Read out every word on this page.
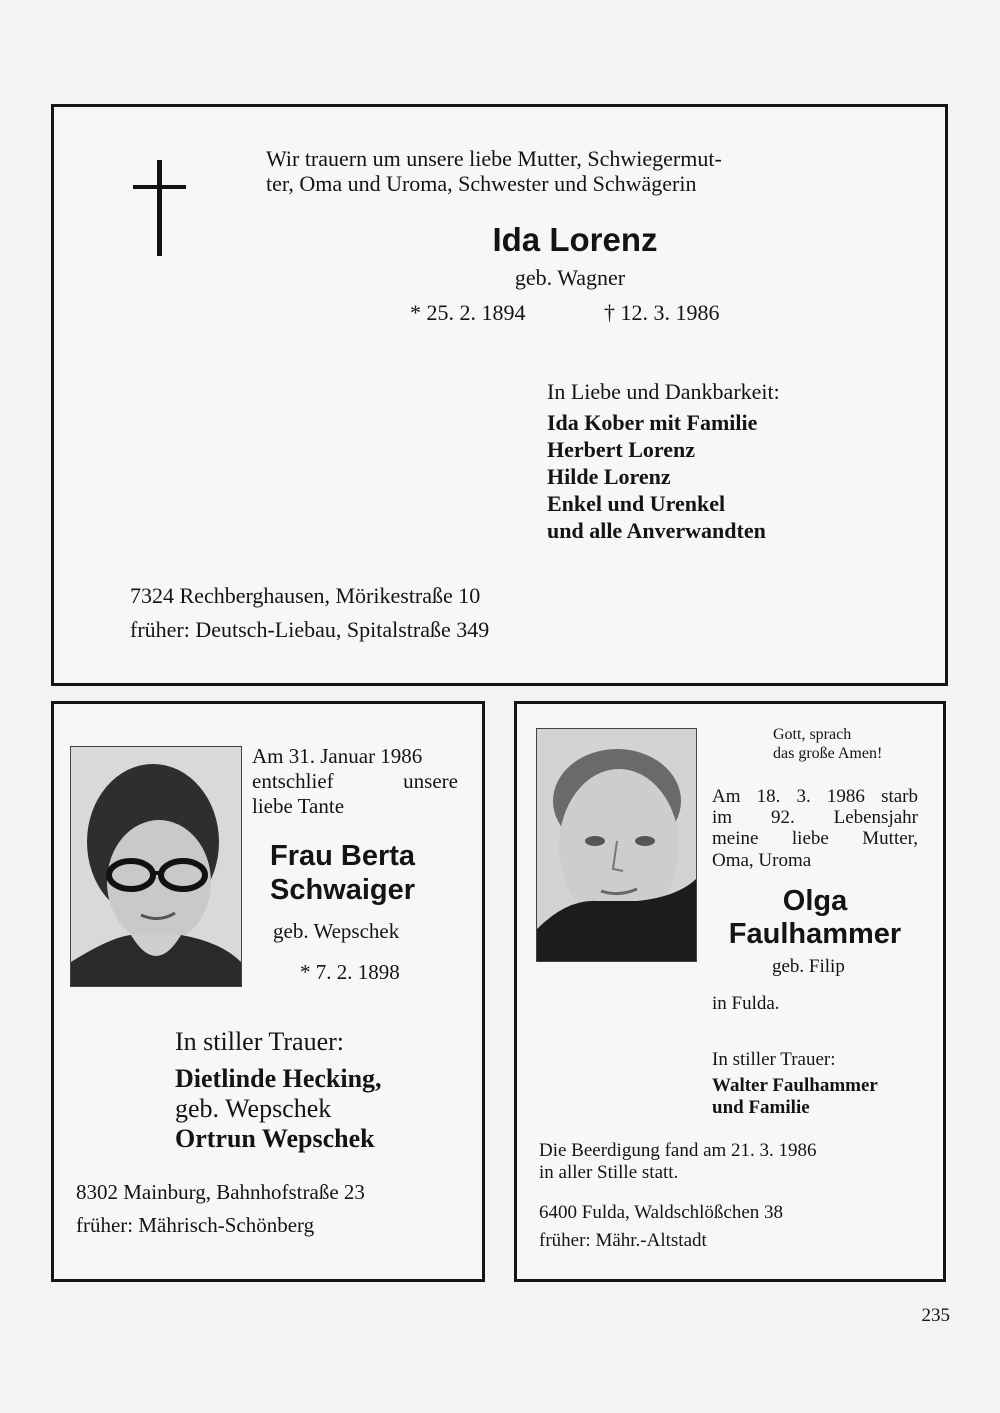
Wir trauern um unsere liebe Mutter, Schwiegermut-
ter, Oma und Uroma, Schwester und Schwägerin
Ida Lorenz
geb. Wagner
* 25. 2. 1894	† 12. 3. 1986
In Liebe und Dankbarkeit:
Ida Kober mit Familie
Herbert Lorenz
Hilde Lorenz
Enkel und Urenkel
und alle Anverwandten
7324 Rechberghausen, Mörikestraße 10
früher: Deutsch-Liebau, Spitalstraße 349
Am 31. Januar 1986
entschlief unsere
liebe Tante
Frau Berta
Schwaiger
geb. Wepschek
* 7. 2. 1898
In stiller Trauer:
Dietlinde Hecking,
geb. Wepschek
Ortrun Wepschek
8302 Mainburg, Bahnhofstraße 23
früher: Mährisch-Schönberg
Gott, sprach
das große Amen!
Am 18. 3. 1986 starb
im 92. Lebensjahr
meine liebe Mutter,
Oma, Uroma
Olga
Faulhammer
geb. Filip
in Fulda.
In stiller Trauer:
Walter Faulhammer
und Familie
Die Beerdigung fand am 21. 3. 1986
in aller Stille statt.
6400 Fulda, Waldschlößchen 38
früher: Mähr.-Altstadt
235
